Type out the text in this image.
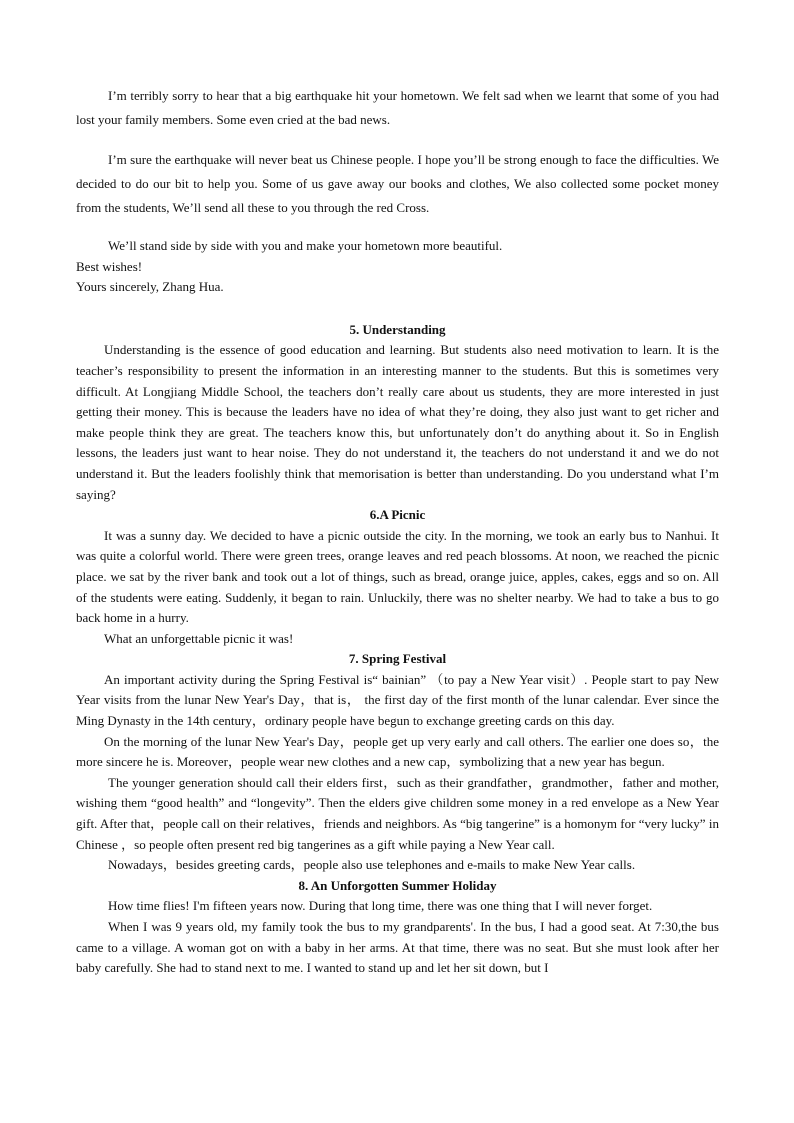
I’m terribly sorry to hear that a big earthquake hit your hometown. We felt sad when we learnt that some of you had lost your family members. Some even cried at the bad news.

I’m sure the earthquake will never beat us Chinese people. I hope you’ll be strong enough to face the difficulties. We decided to do our bit to help you. Some of us gave away our books and clothes, We also collected some pocket money from the students, We’ll send all these to you through the red Cross.

We’ll stand side by side with you and make your hometown more beautiful.

Best wishes!

Yours sincerely, Zhang Hua.

5. Understanding

Understanding is the essence of good education and learning. But students also need motivation to learn. It is the teacher’s responsibility to present the information in an interesting manner to the students. But this is sometimes very difficult. At Longjiang Middle School, the teachers don’t really care about us students, they are more interested in just getting their money. This is because the leaders have no idea of what they’re doing, they also just want to get richer and make people think they are great. The teachers know this, but unfortunately don’t do anything about it. So in English lessons, the leaders just want to hear noise. They do not understand it, the teachers do not understand it and we do not understand it. But the leaders foolishly think that memorisation is better than understanding. Do you understand what I’m saying?

6.A Picnic

It was a sunny day. We decided to have a picnic outside the city. In the morning, we took an early bus to Nanhui. It was quite a colorful world. There were green trees, orange leaves and red peach blossoms. At noon, we reached the picnic place. we sat by the river bank and took out a lot of things, such as bread, orange juice, apples, cakes, eggs and so on. All of the students were eating. Suddenly, it began to rain. Unluckily, there was no shelter nearby. We had to take a bus to go back home in a hurry.

What an unforgettable picnic it was!

7. Spring Festival

An important activity during the Spring Festival is“ bainian” （to pay a New Year visit）. People start to pay New Year visits from the lunar New Year's Day，that is， the first day of the first month of the lunar calendar. Ever since the Ming Dynasty in the 14th century，ordinary people have begun to exchange greeting cards on this day.

On the morning of the lunar New Year's Day，people get up very early and call others. The earlier one does so，the more sincere he is. Moreover，people wear new clothes and a new cap，symbolizing that a new year has begun.

The younger generation should call their elders first，such as their grandfather，grandmother，father and mother, wishing them “good health” and “longevity”. Then the elders give children some money in a red envelope as a New Year gift. After that，people call on their relatives，friends and neighbors. As “big tangerine” is a homonym for “very lucky” in Chinese ，so people often present red big tangerines as a gift while paying a New Year call.

Nowadays，besides greeting cards，people also use telephones and e-mails to make New Year calls.

8. An Unforgotten Summer Holiday

How time flies! I'm fifteen years now. During that long time, there was one thing that I will never forget.

When I was 9 years old, my family took the bus to my grandparents'. In the bus, I had a good seat. At 7:30,the bus came to a village. A woman got on with a baby in her arms. At that time, there was no seat. But she must look after her baby carefully. She had to stand next to me. I wanted to stand up and let her sit down, but I
